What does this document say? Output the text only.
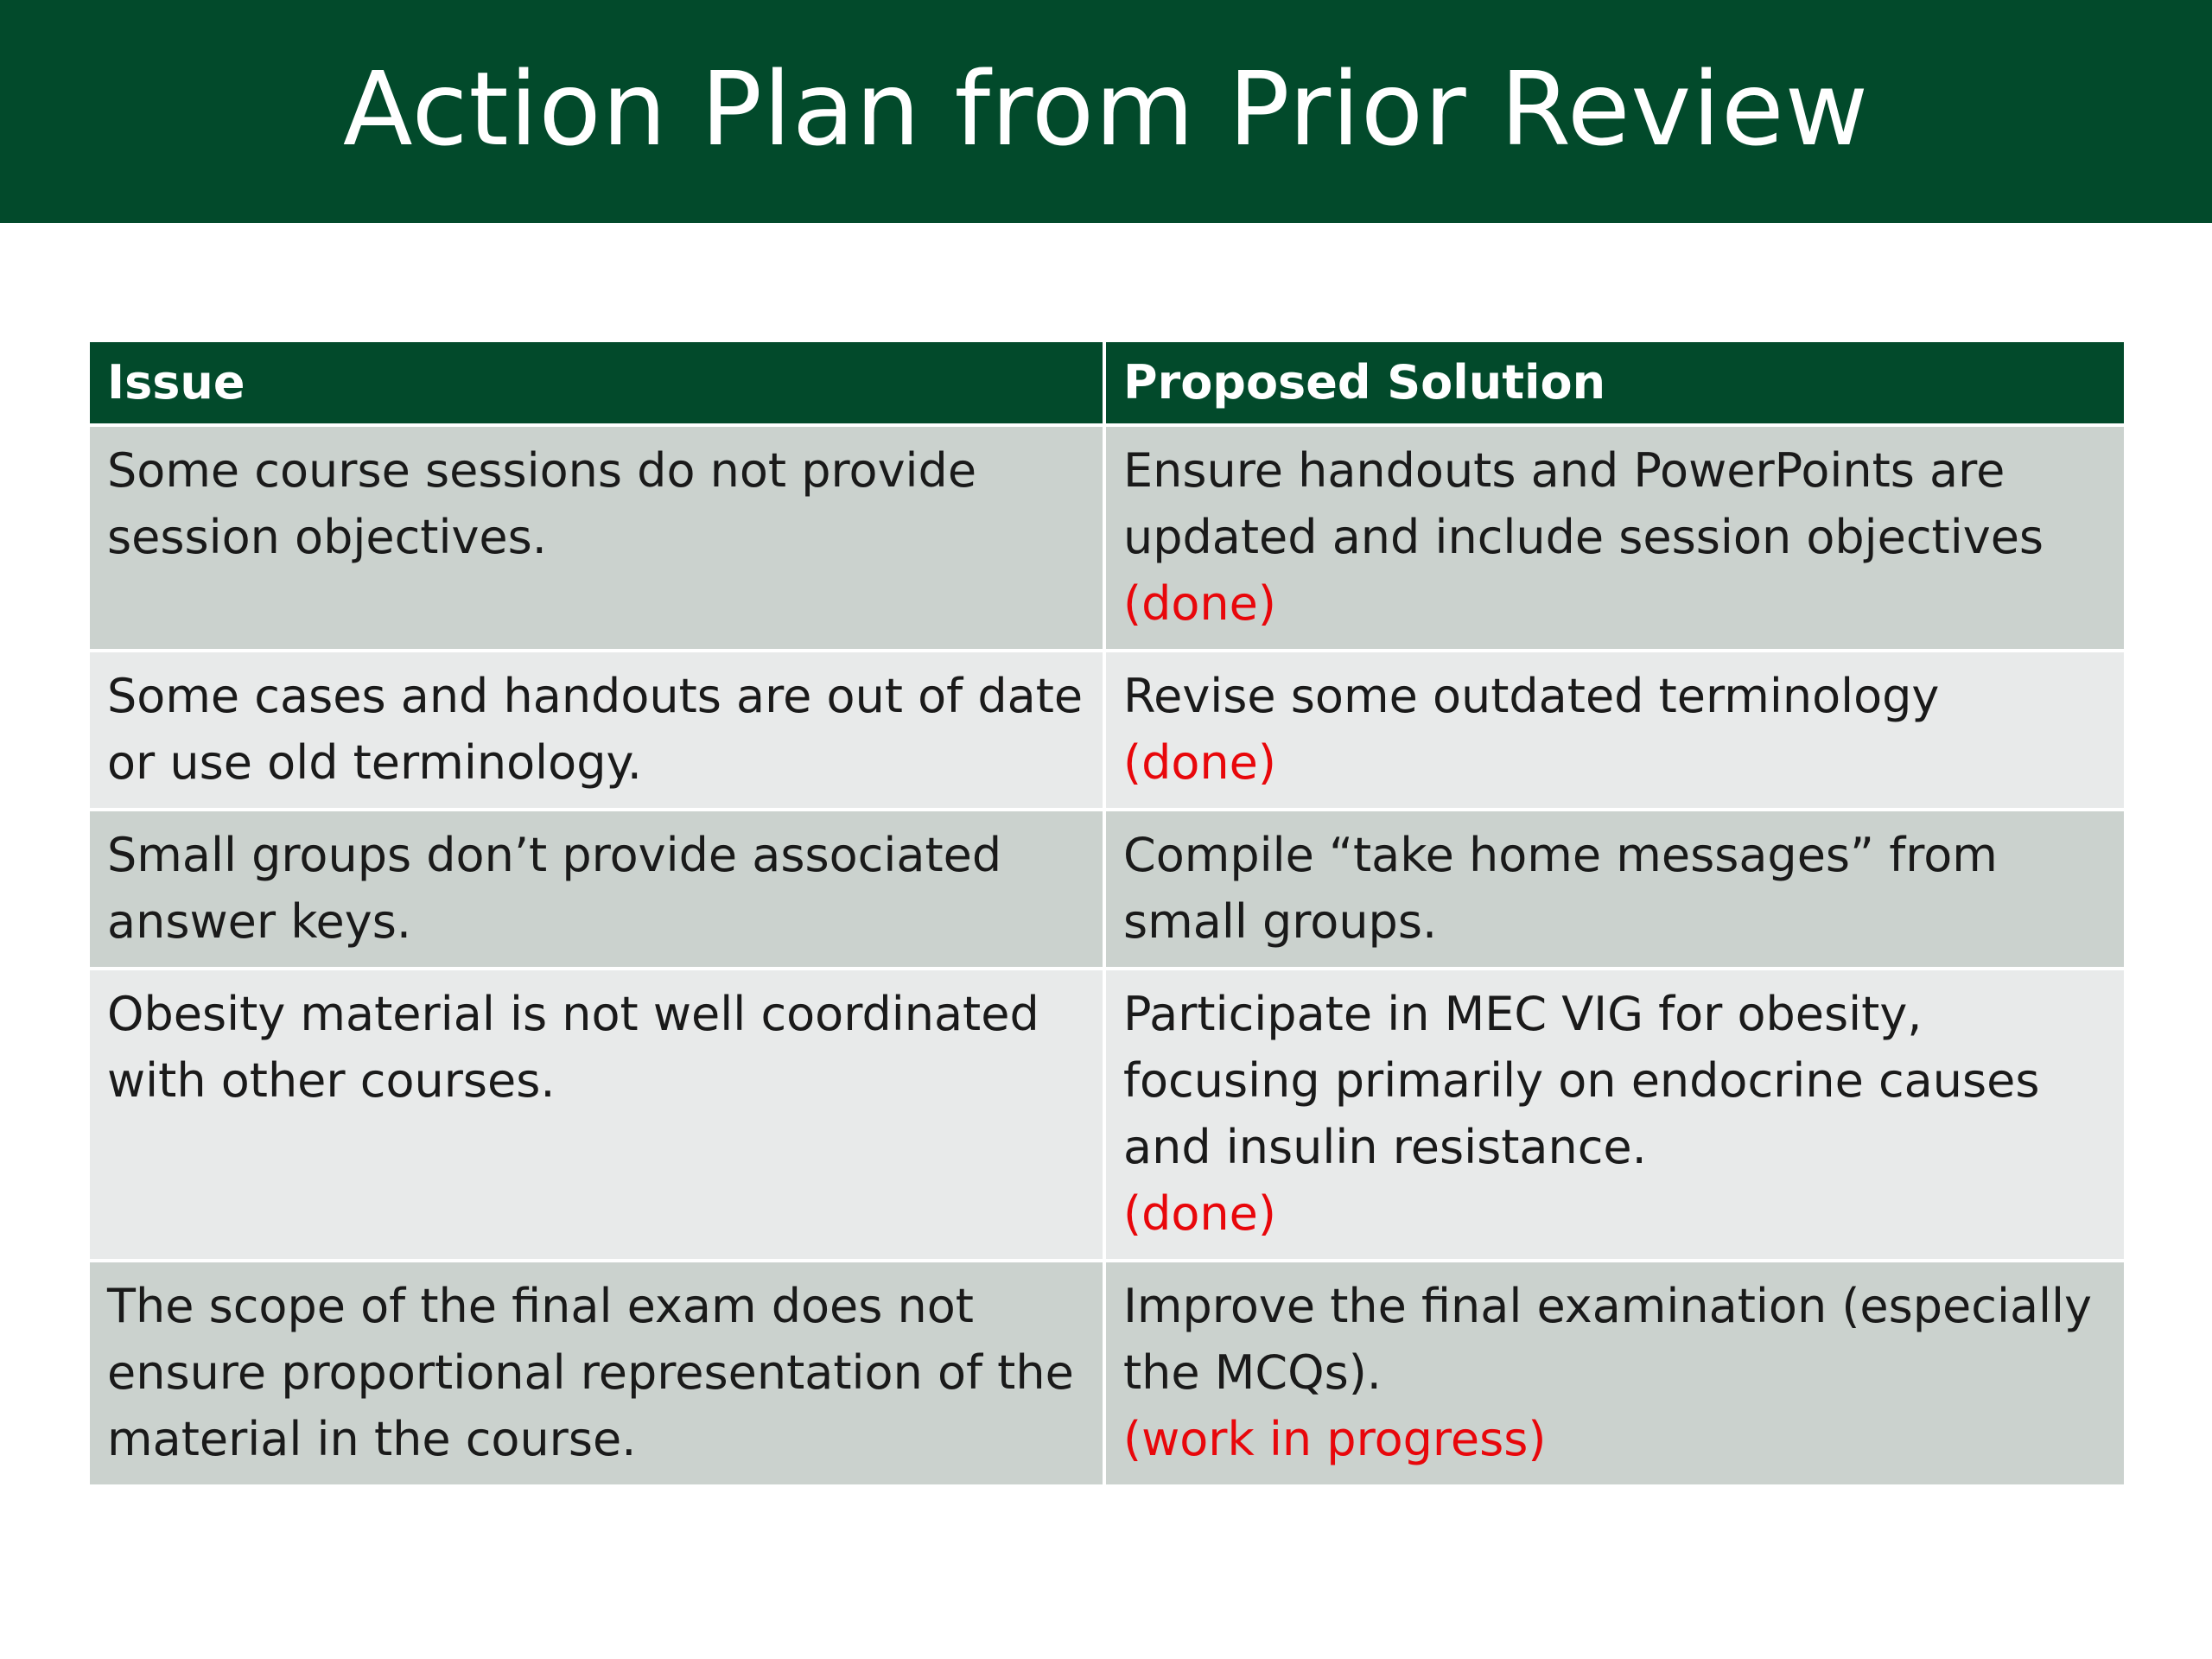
Action Plan from Prior Review
Issue	Proposed Solution

Some course sessions do not provide session objectives.	Ensure handouts and PowerPoints are updated and include session objectives
(done)

Some cases and handouts are out of date or use old terminology.	Revise some outdated terminology
(done)

Small groups don’t provide associated answer keys.	Compile “take home messages” from small groups.

Obesity material is not well coordinated with other courses.	Participate in MEC VIG for obesity, focusing primarily on endocrine causes and insulin resistance.
(done)

The scope of the final exam does not ensure proportional representation of the material in the course.	Improve the final examination (especially the MCQs).
(work in progress)
